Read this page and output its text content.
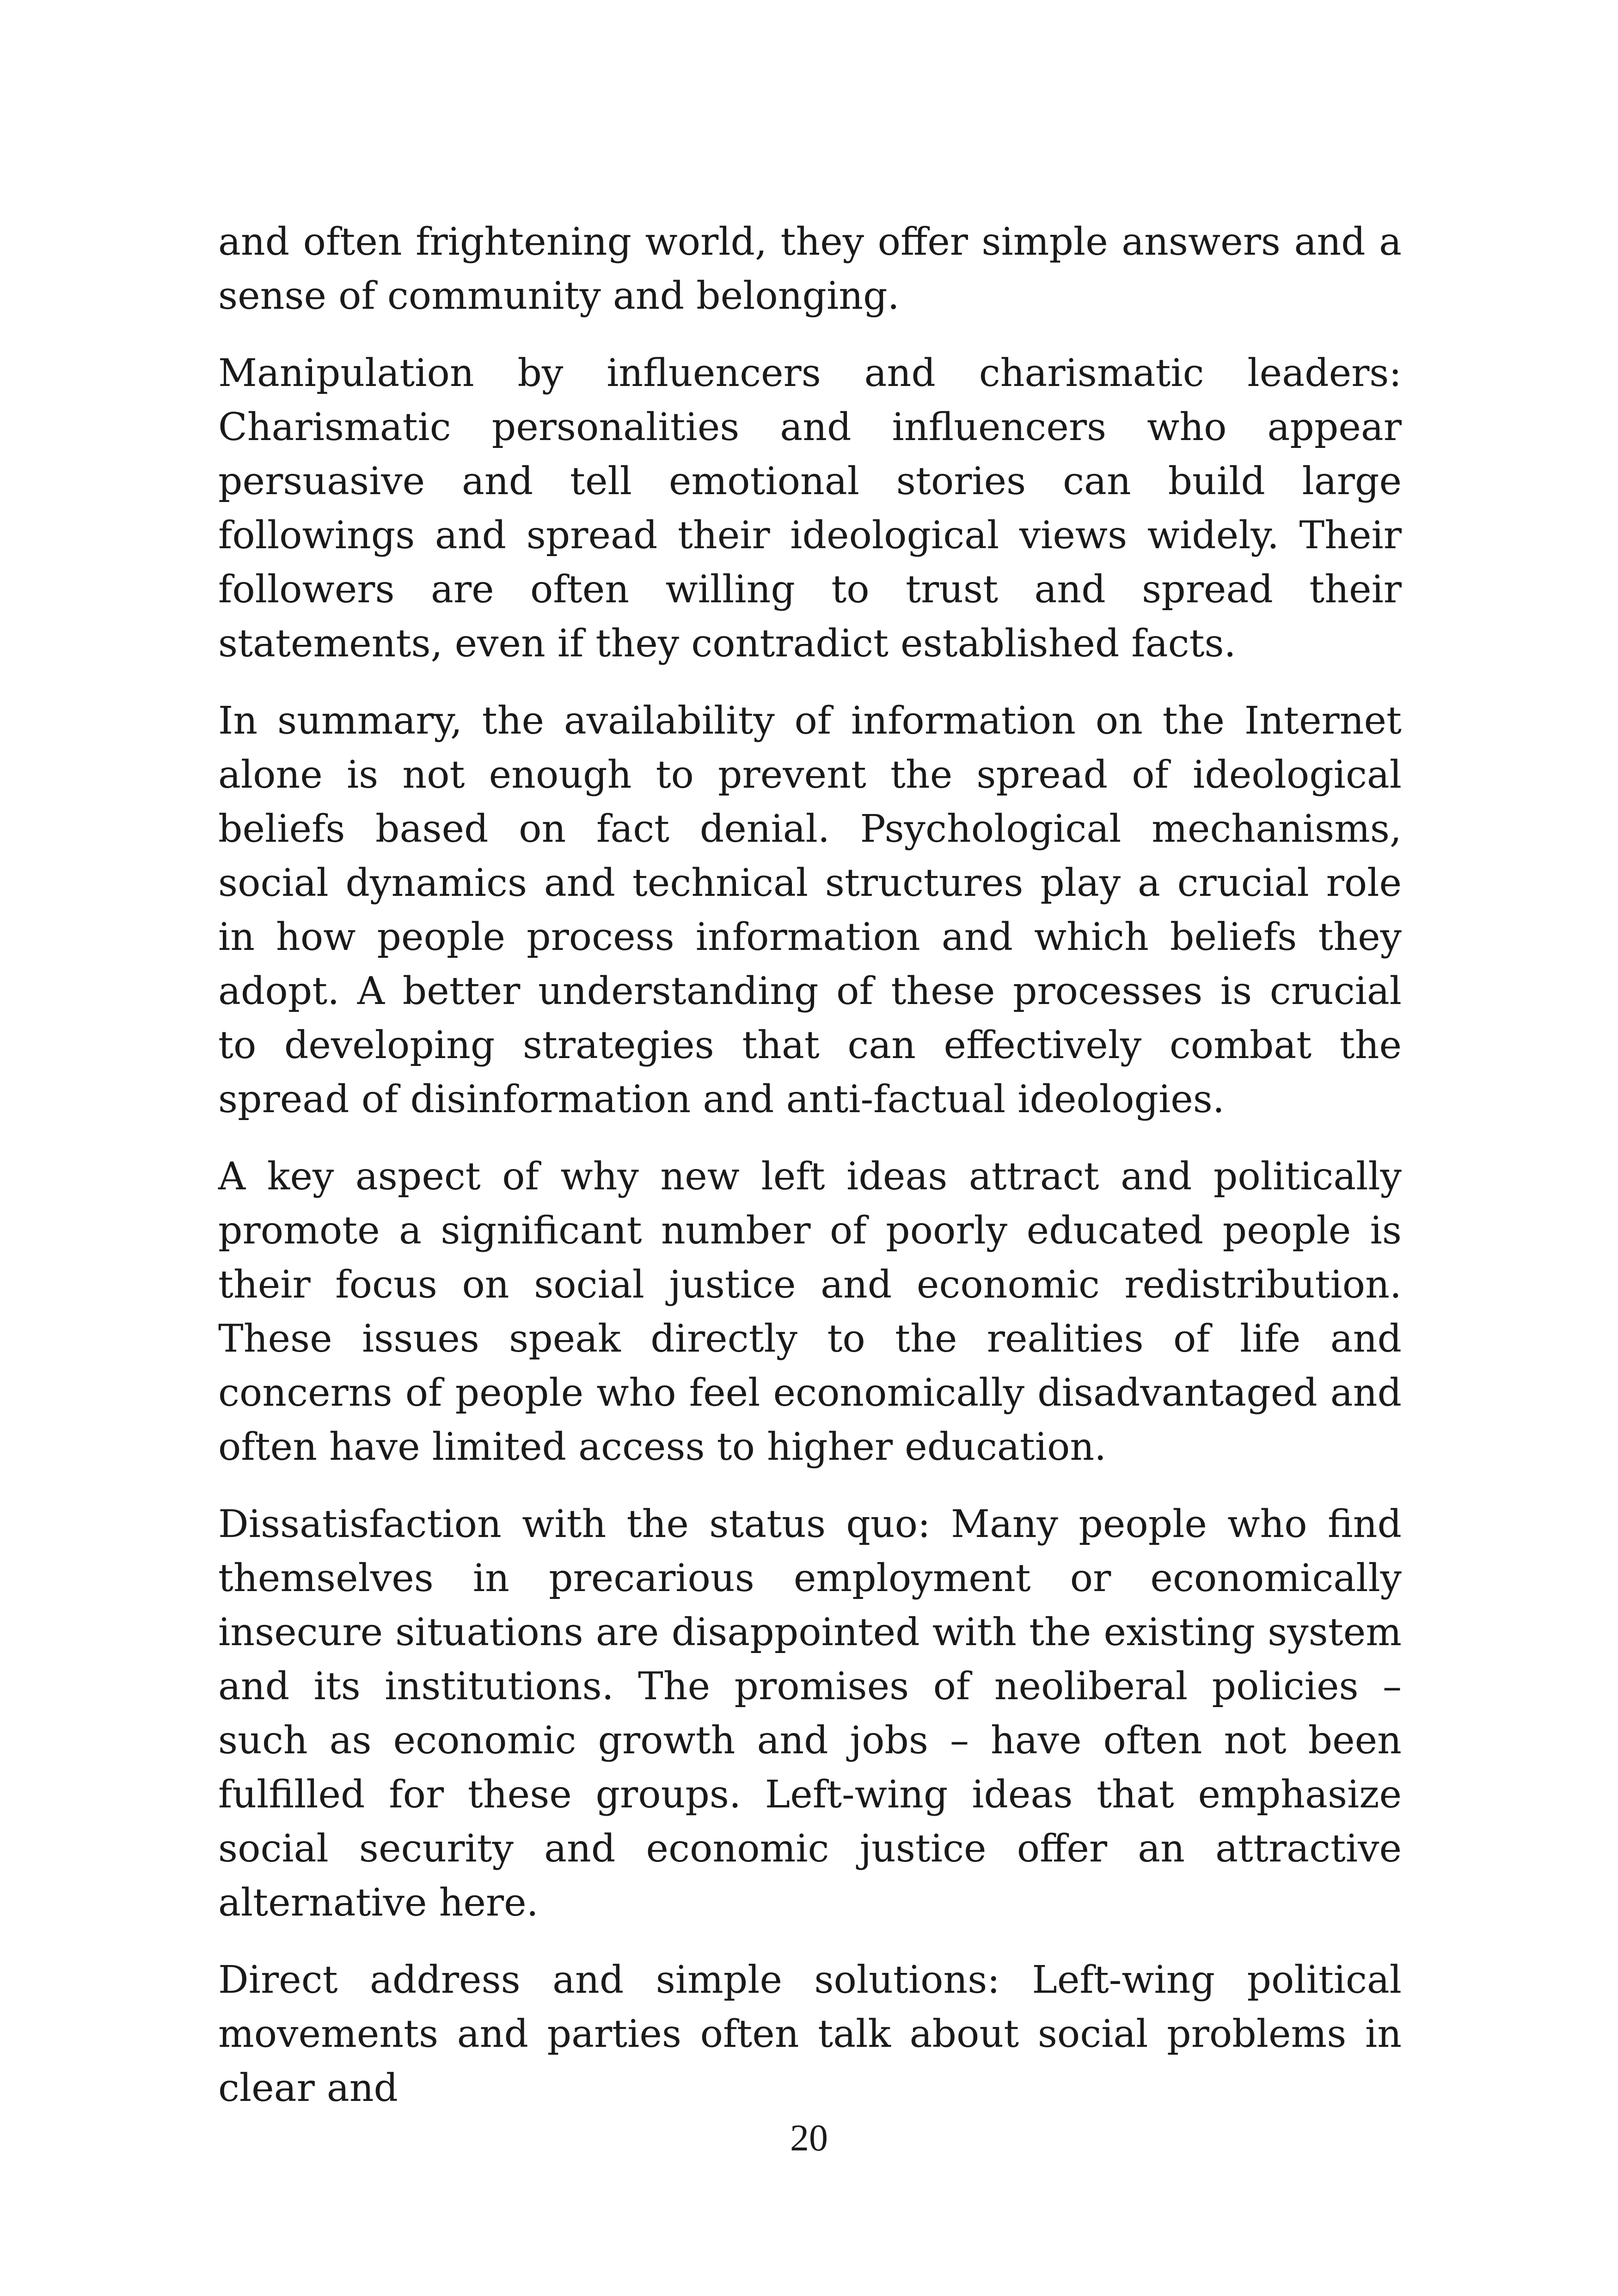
and often frightening world, they offer simple answers and a sense of community and belonging.

Manipulation by influencers and charismatic leaders: Charismatic personalities and influencers who appear persuasive and tell emotional stories can build large followings and spread their ideological views widely. Their followers are often willing to trust and spread their statements, even if they contradict established facts.

In summary, the availability of information on the Internet alone is not enough to prevent the spread of ideological beliefs based on fact denial. Psychological mechanisms, social dynamics and technical structures play a crucial role in how people process information and which beliefs they adopt. A better understanding of these processes is crucial to developing strategies that can effectively combat the spread of disinformation and anti-factual ideologies.

A key aspect of why new left ideas attract and politically promote a significant number of poorly educated people is their focus on social justice and economic redistribution. These issues speak directly to the realities of life and concerns of people who feel economically disadvantaged and often have limited access to higher education.

Dissatisfaction with the status quo: Many people who find themselves in precarious employment or economically insecure situations are disappointed with the existing system and its institutions. The promises of neoliberal policies – such as economic growth and jobs – have often not been fulfilled for these groups. Left-wing ideas that emphasize social security and economic justice offer an attractive alternative here.

Direct address and simple solutions: Left-wing political movements and parties often talk about social problems in clear and

20
